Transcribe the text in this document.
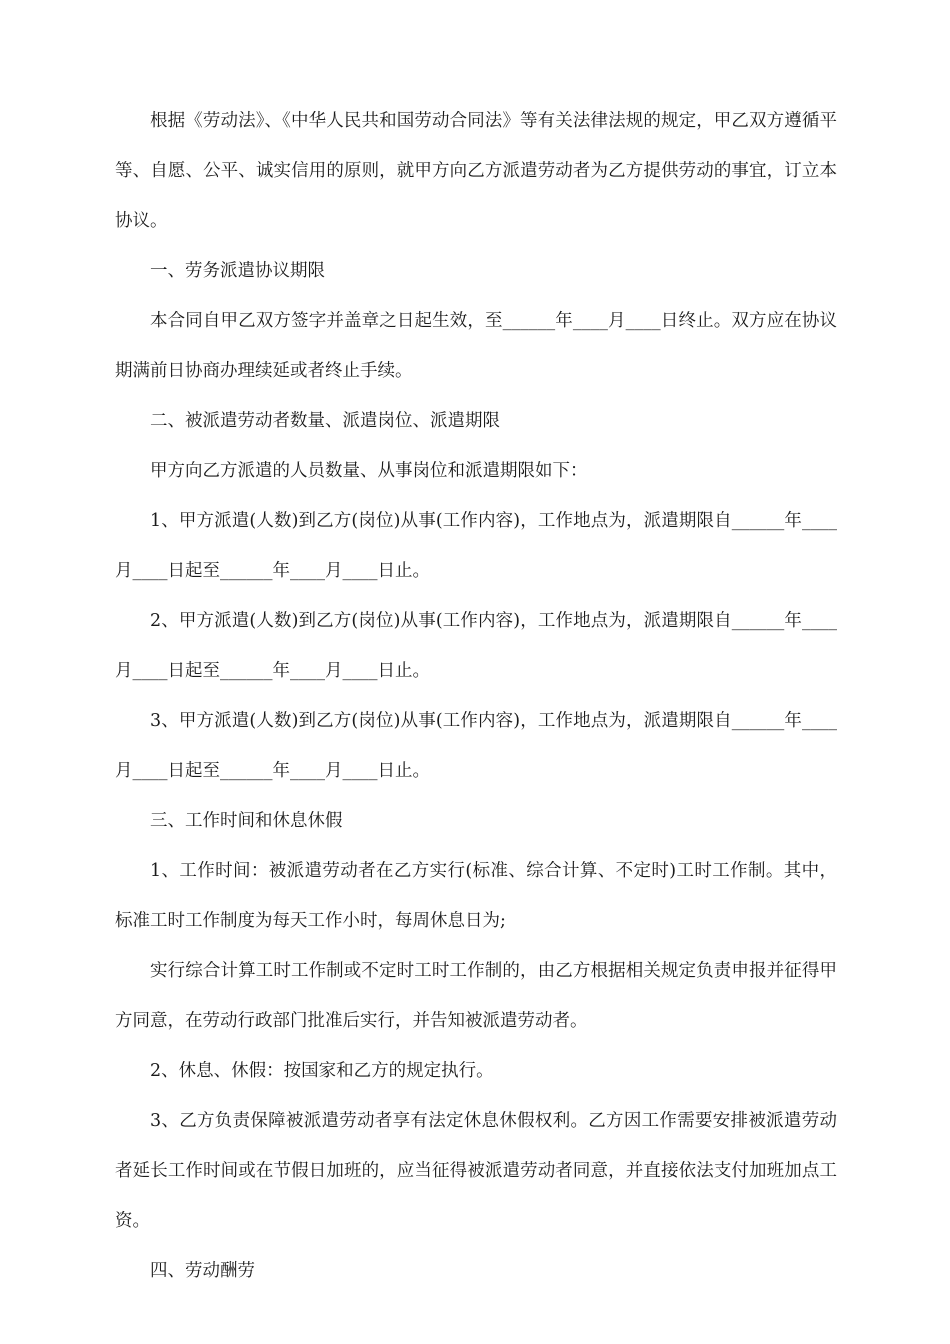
根据《劳动法》、《中华人民共和国劳动合同法》等有关法律法规的规定，甲乙双方遵循平等、自愿、公平、诚实信用的原则，就甲方向乙方派遣劳动者为乙方提供劳动的事宜，订立本协议。

一、劳务派遣协议期限

本合同自甲乙双方签字并盖章之日起生效，至______年____月____日终止。双方应在协议期满前日协商办理续延或者终止手续。

二、被派遣劳动者数量、派遣岗位、派遣期限

甲方向乙方派遣的人员数量、从事岗位和派遣期限如下：

1、甲方派遣(人数)到乙方(岗位)从事(工作内容)，工作地点为，派遣期限自______年____月____日起至______年____月____日止。

2、甲方派遣(人数)到乙方(岗位)从事(工作内容)，工作地点为，派遣期限自______年____月____日起至______年____月____日止。

3、甲方派遣(人数)到乙方(岗位)从事(工作内容)，工作地点为，派遣期限自______年____月____日起至______年____月____日止。

三、工作时间和休息休假

1、工作时间：被派遣劳动者在乙方实行(标准、综合计算、不定时)工时工作制。其中，标准工时工作制度为每天工作小时，每周休息日为;

实行综合计算工时工作制或不定时工时工作制的，由乙方根据相关规定负责申报并征得甲方同意，在劳动行政部门批准后实行，并告知被派遣劳动者。

2、休息、休假：按国家和乙方的规定执行。

3、乙方负责保障被派遣劳动者享有法定休息休假权利。乙方因工作需要安排被派遣劳动者延长工作时间或在节假日加班的，应当征得被派遣劳动者同意，并直接依法支付加班加点工资。

四、劳动酬劳
